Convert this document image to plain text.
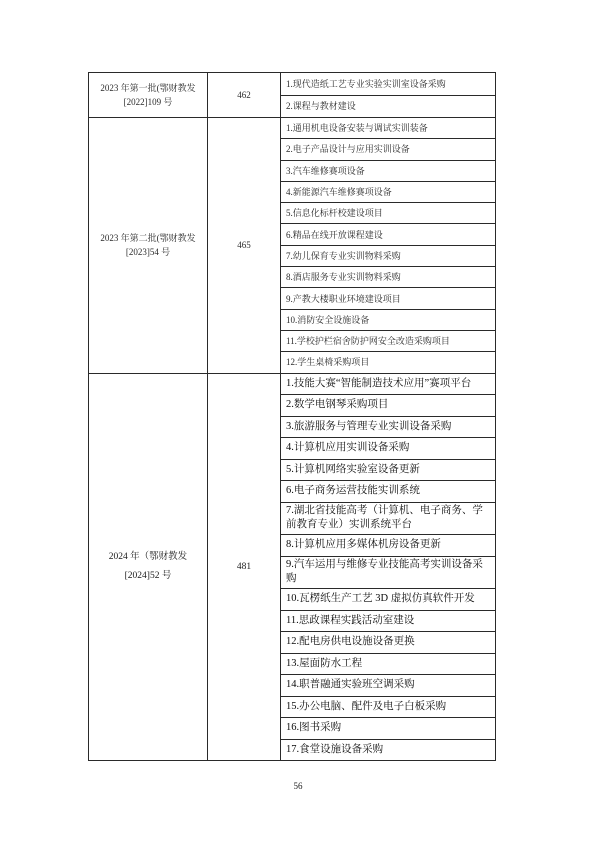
2023 年第一批(鄂财教发
[2022]109 号	462	1.现代造纸工艺专业实验实训室设备采购
		2.课程与教材建设

2023 年第二批(鄂财教发
[2023]54 号	465	1.通用机电设备安装与调试实训装备
		2.电子产品设计与应用实训设备
		3.汽车维修赛项设备
		4.新能源汽车维修赛项设备
		5.信息化标杆校建设项目
		6.精品在线开放课程建设
		7.幼儿保育专业实训物料采购
		8.酒店服务专业实训物料采购
		9.产教大楼职业环境建设项目
		10.消防安全设施设备
		11.学校护栏宿舍防护网安全改造采购项目
		12.学生桌椅采购项目

2024 年（鄂财教发
[2024]52 号	481	1.技能大赛“智能制造技术应用”赛项平台
		2.数学电钢琴采购项目
		3.旅游服务与管理专业实训设备采购
		4.计算机应用实训设备采购
		5.计算机网络实验室设备更新
		6.电子商务运营技能实训系统
		7.湖北省技能高考（计算机、电子商务、学前教育专业）实训系统平台
		8.计算机应用多媒体机房设备更新
		9.汽车运用与维修专业技能高考实训设备采购
		10.瓦楞纸生产工艺 3D 虚拟仿真软件开发
		11.思政课程实践活动室建设
		12.配电房供电设施设备更换
		13.屋面防水工程
		14.职普融通实验班空调采购
		15.办公电脑、配件及电子白板采购
		16.图书采购
		17.食堂设施设备采购
56
